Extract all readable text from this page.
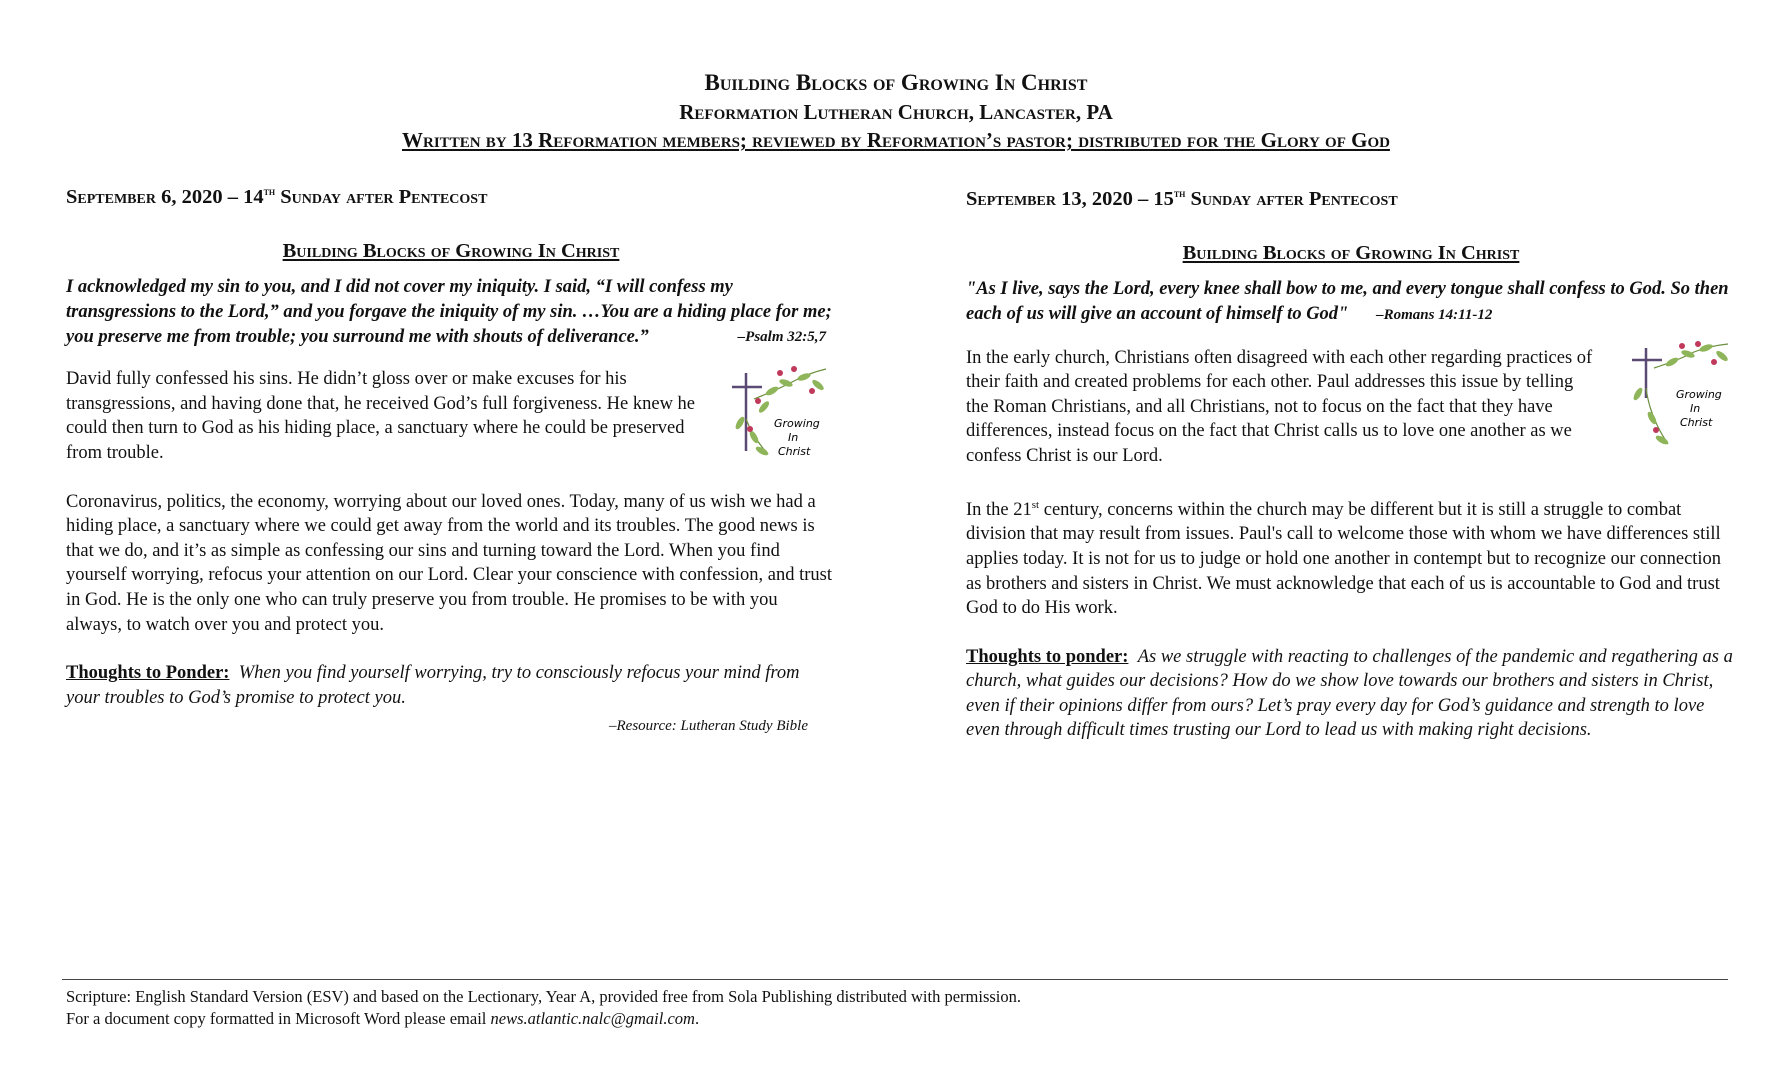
Building Blocks of Growing In Christ
Reformation Lutheran Church, Lancaster, PA
Written by 13 Reformation members; reviewed by Reformation’s pastor; distributed for the Glory of God
September 6, 2020 – 14th Sunday after Pentecost
Building Blocks of Growing In Christ
I acknowledged my sin to you, and I did not cover my iniquity. I said, “I will confess my transgressions to the Lord,” and you forgave the iniquity of my sin. …You are a hiding place for me; you preserve me from trouble; you surround me with shouts of deliverance.”	–Psalm 32:5,7

David fully confessed his sins. He didn’t gloss over or make excuses for his transgressions, and having done that, he received God’s full forgiveness. He knew he could then turn to God as his hiding place, a sanctuary where he could be preserved from trouble.
Growing
In
Christ

Coronavirus, politics, the economy, worrying about our loved ones. Today, many of us wish we had a hiding place, a sanctuary where we could get away from the world and its troubles. The good news is that we do, and it’s as simple as confessing our sins and turning toward the Lord. When you find yourself worrying, refocus your attention on our Lord. Clear your conscience with confession, and trust in God. He is the only one who can truly preserve you from trouble. He promises to be with you always, to watch over you and protect you.

Thoughts to Ponder: When you find yourself worrying, try to consciously refocus your mind from your troubles to God’s promise to protect you.

–Resource: Lutheran Study Bible
September 13, 2020 – 15th Sunday after Pentecost
Building Blocks of Growing In Christ
"As I live, says the Lord, every knee shall bow to me, and every tongue shall confess to God. So then each of us will give an account of himself to God" –Romans 14:11-12

In the early church, Christians often disagreed with each other regarding practices of their faith and created problems for each other. Paul addresses this issue by telling the Roman Christians, and all Christians, not to focus on the fact that they have differences, instead focus on the fact that Christ calls us to love one another as we confess Christ is our Lord.
Growing
In
Christ

In the 21st century, concerns within the church may be different but it is still a struggle to combat division that may result from issues. Paul's call to welcome those with whom we have differences still applies today. It is not for us to judge or hold one another in contempt but to recognize our connection as brothers and sisters in Christ. We must acknowledge that each of us is accountable to God and trust God to do His work.

Thoughts to ponder: As we struggle with reacting to challenges of the pandemic and regathering as a church, what guides our decisions? How do we show love towards our brothers and sisters in Christ, even if their opinions differ from ours? Let’s pray every day for God’s guidance and strength to love even through difficult times trusting our Lord to lead us with making right decisions.

Scripture: English Standard Version (ESV) and based on the Lectionary, Year A, provided free from Sola Publishing distributed with permission.
For a document copy formatted in Microsoft Word please email news.atlantic.nalc@gmail.com.
